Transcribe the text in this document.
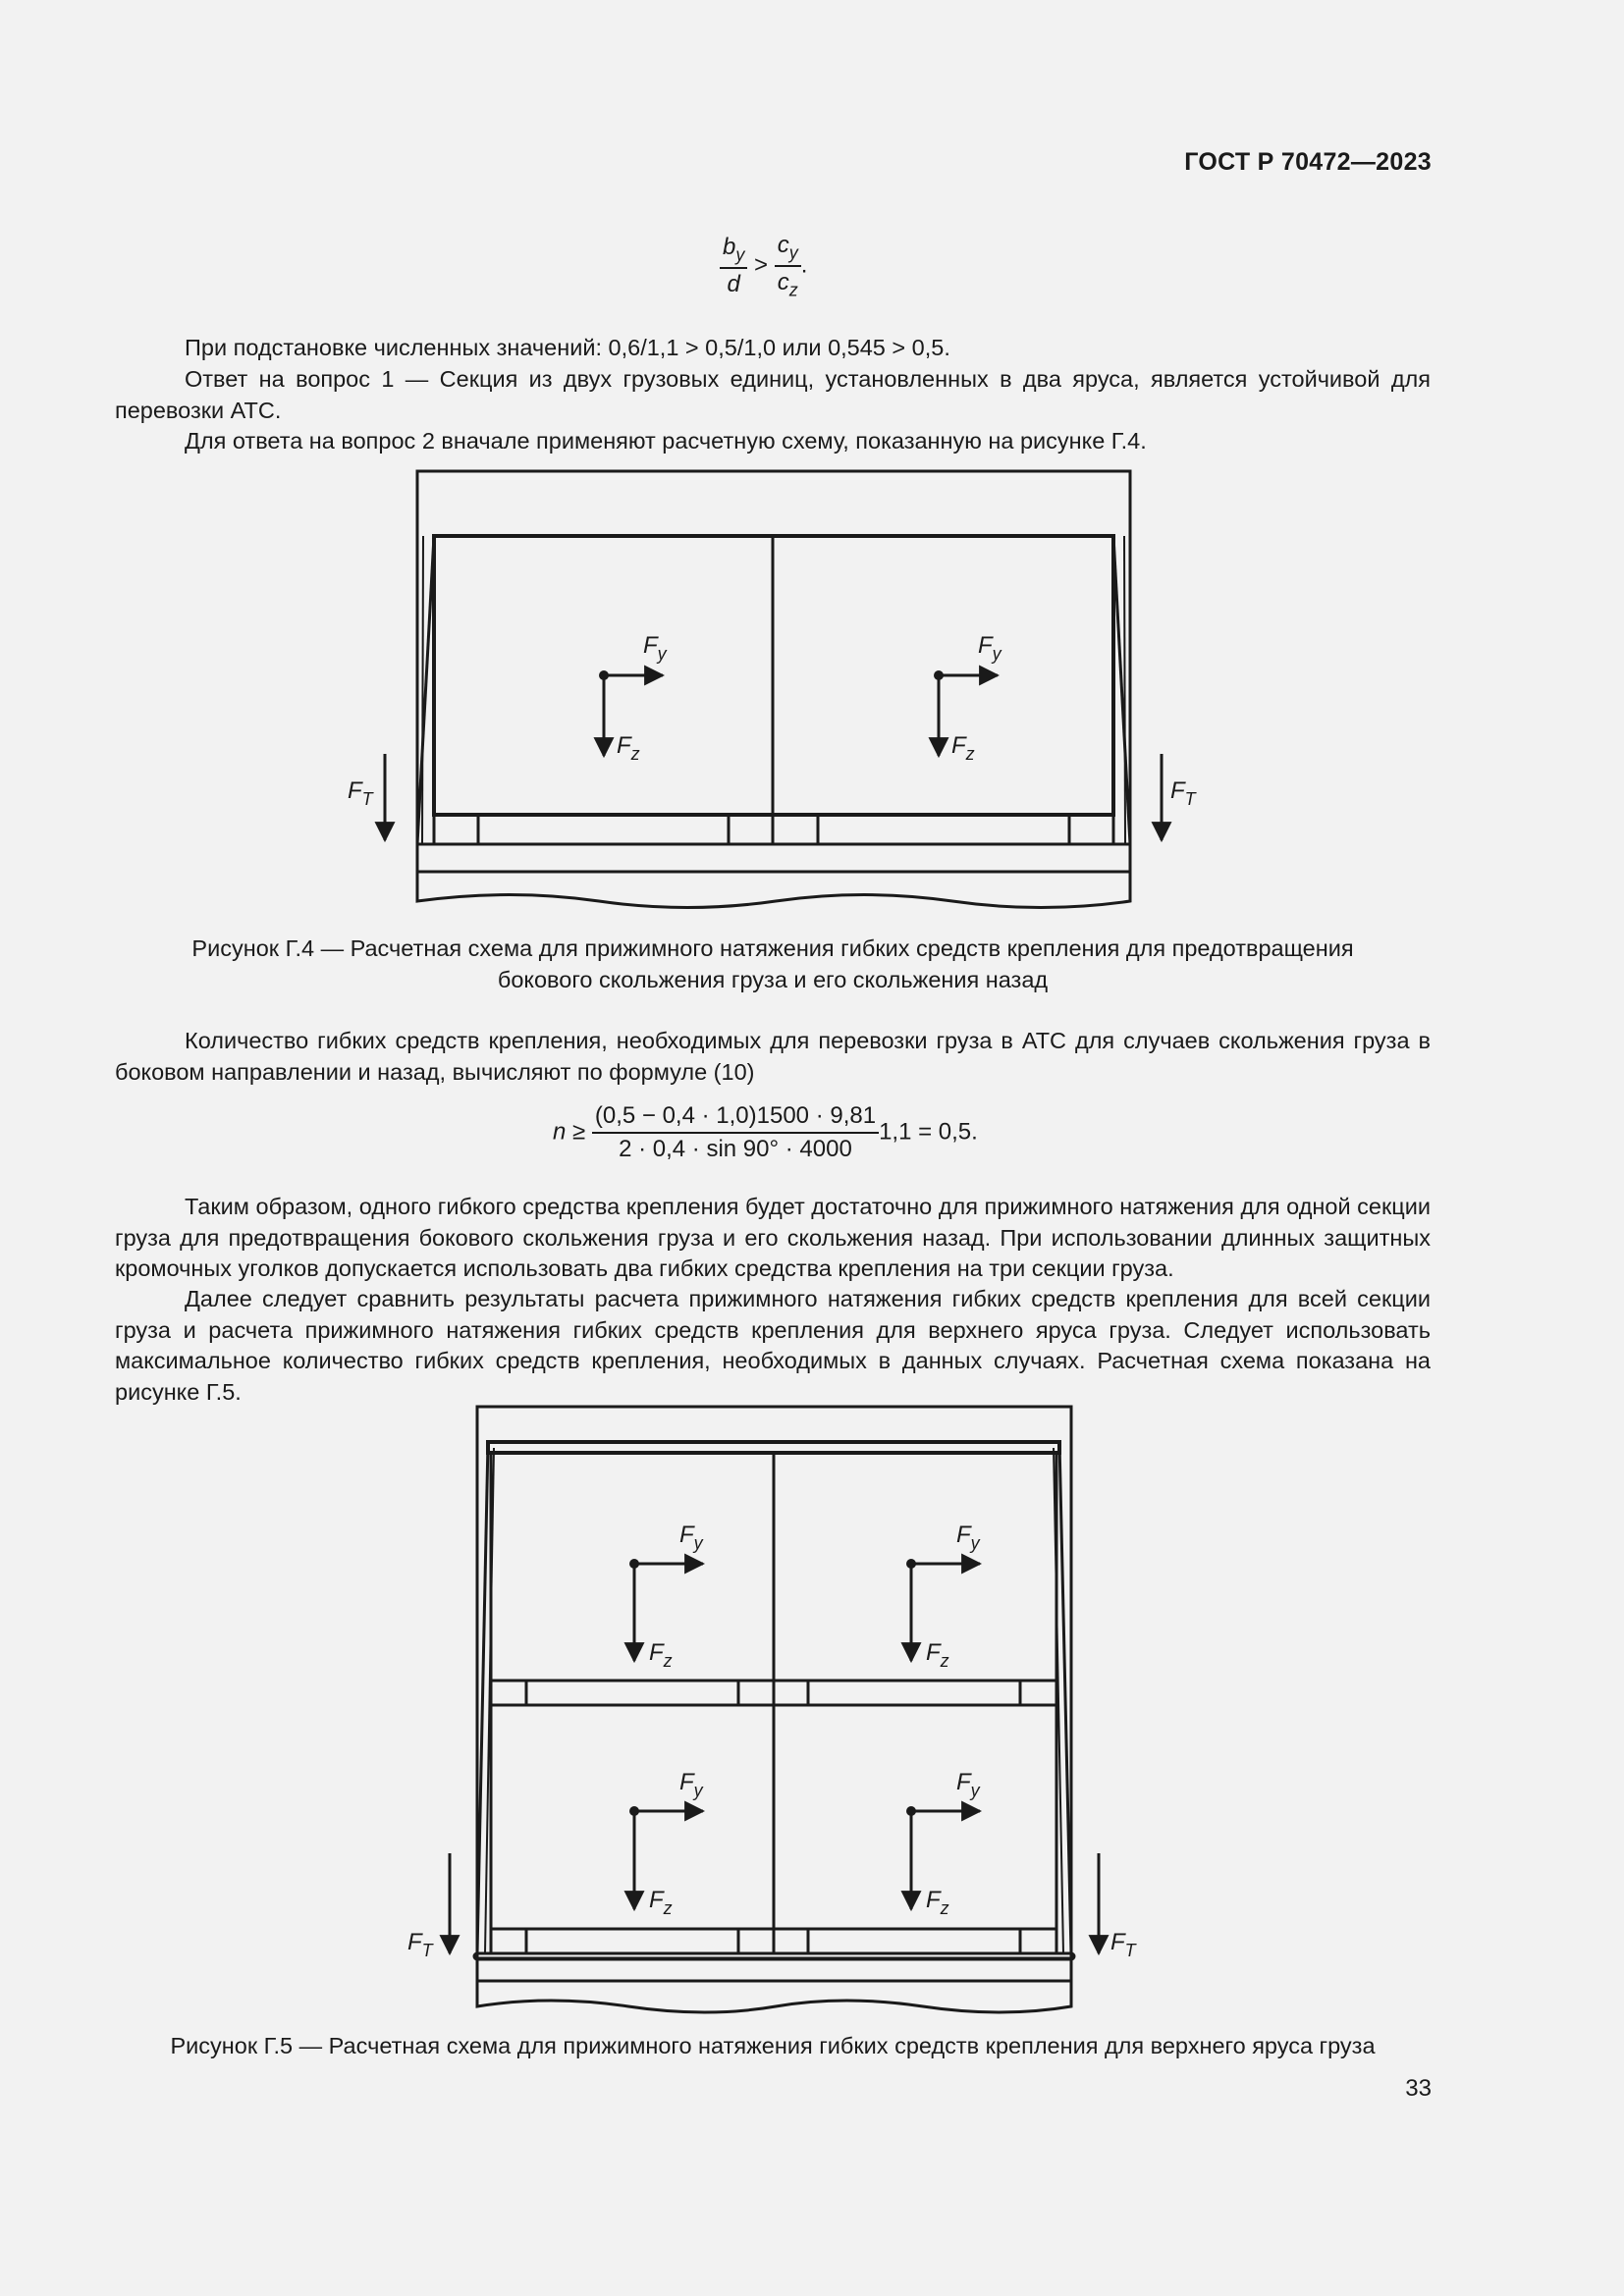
ГОСТ Р 70472—2023
$\frac{b_y}{d} > \frac{c_y}{c_z}$ .

При подстановке численных значений: 0,6/1,1 > 0,5/1,0 или 0,545 > 0,5.

Ответ на вопрос 1 — Секция из двух грузовых единиц, установленных в два яруса, является устойчивой для перевозки АТС.

Для ответа на вопрос 2 вначале применяют расчетную схему, показанную на рисунке Г.4.

$F_y$
$F_z$
$F_y$
$F_z$
$F_T$	$F_T$
Рисунок Г.4 — Расчетная схема для прижимного натяжения гибких средств крепления для предотвращения
бокового скольжения груза и его скольжения назад

Количество гибких средств крепления, необходимых для перевозки груза в АТС для случаев скольжения груза в боковом направлении и назад, вычисляют по формуле (10)

$n \ge \frac{(0,5 - 0,4 \cdot 1,0)1500 \cdot 9,81}{2 \cdot 0,4 \cdot \sin 90^\circ \cdot 4000} 1,1 = 0,5$.

Таким образом, одного гибкого средства крепления будет достаточно для прижимного натяжения для одной секции груза для предотвращения бокового скольжения груза и его скольжения назад. При использовании длинных защитных кромочных уголков допускается использовать два гибких средства крепления на три секции груза.

Далее следует сравнить результаты расчета прижимного натяжения гибких средств крепления для всей секции груза и расчета прижимного натяжения гибких средств крепления для верхнего яруса груза. Следует использовать максимальное количество гибких средств крепления, необходимых в данных случаях. Расчетная схема показана на рисунке Г.5.

$F_y$
$F_z$
$F_y$
$F_z$
$F_y$
$F_z$
$F_y$
$F_z$
$F_T$	$F_T$
Рисунок Г.5 — Расчетная схема для прижимного натяжения гибких средств крепления для верхнего яруса груза
33
